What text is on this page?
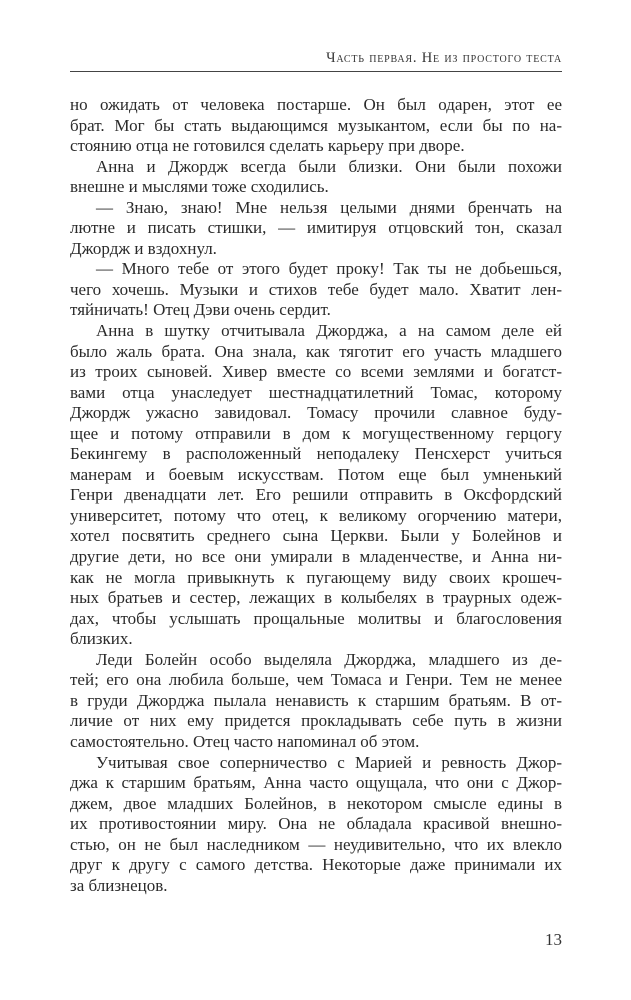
Часть первая. Не из простого теста
но ожидать от человека постарше. Он был одарен, этот ее
брат. Мог бы стать выдающимся музыкантом, если бы по на-
стоянию отца не готовился сделать карьеру при дворе.
Анна и Джордж всегда были близки. Они были похожи
внешне и мыслями тоже сходились.
— Знаю, знаю! Мне нельзя целыми днями бренчать на
лютне и писать стишки, — имитируя отцовский тон, сказал
Джордж и вздохнул.
— Много тебе от этого будет проку! Так ты не добьешься,
чего хочешь. Музыки и стихов тебе будет мало. Хватит лен-
тяйничать! Отец Дэви очень сердит.
Анна в шутку отчитывала Джорджа, а на самом деле ей
было жаль брата. Она знала, как тяготит его участь младшего
из троих сыновей. Хивер вместе со всеми землями и богатст-
вами отца унаследует шестнадцатилетний Томас, которому
Джордж ужасно завидовал. Томасу прочили славное буду-
щее и потому отправили в дом к могущественному герцогу
Бекингему в расположенный неподалеку Пенсхерст учиться
манерам и боевым искусствам. Потом еще был умненький
Генри двенадцати лет. Его решили отправить в Оксфордский
университет, потому что отец, к великому огорчению матери,
хотел посвятить среднего сына Церкви. Были у Болейнов и
другие дети, но все они умирали в младенчестве, и Анна ни-
как не могла привыкнуть к пугающему виду своих крошеч-
ных братьев и сестер, лежащих в колыбелях в траурных одеж-
дах, чтобы услышать прощальные молитвы и благословения
близких.
Леди Болейн особо выделяла Джорджа, младшего из де-
тей; его она любила больше, чем Томаса и Генри. Тем не менее
в груди Джорджа пылала ненависть к старшим братьям. В от-
личие от них ему придется прокладывать себе путь в жизни
самостоятельно. Отец часто напоминал об этом.
Учитывая свое соперничество с Марией и ревность Джор-
джа к старшим братьям, Анна часто ощущала, что они с Джор-
джем, двое младших Болейнов, в некотором смысле едины в
их противостоянии миру. Она не обладала красивой внешно-
стью, он не был наследником — неудивительно, что их влекло
друг к другу с самого детства. Некоторые даже принимали их
за близнецов.
13
